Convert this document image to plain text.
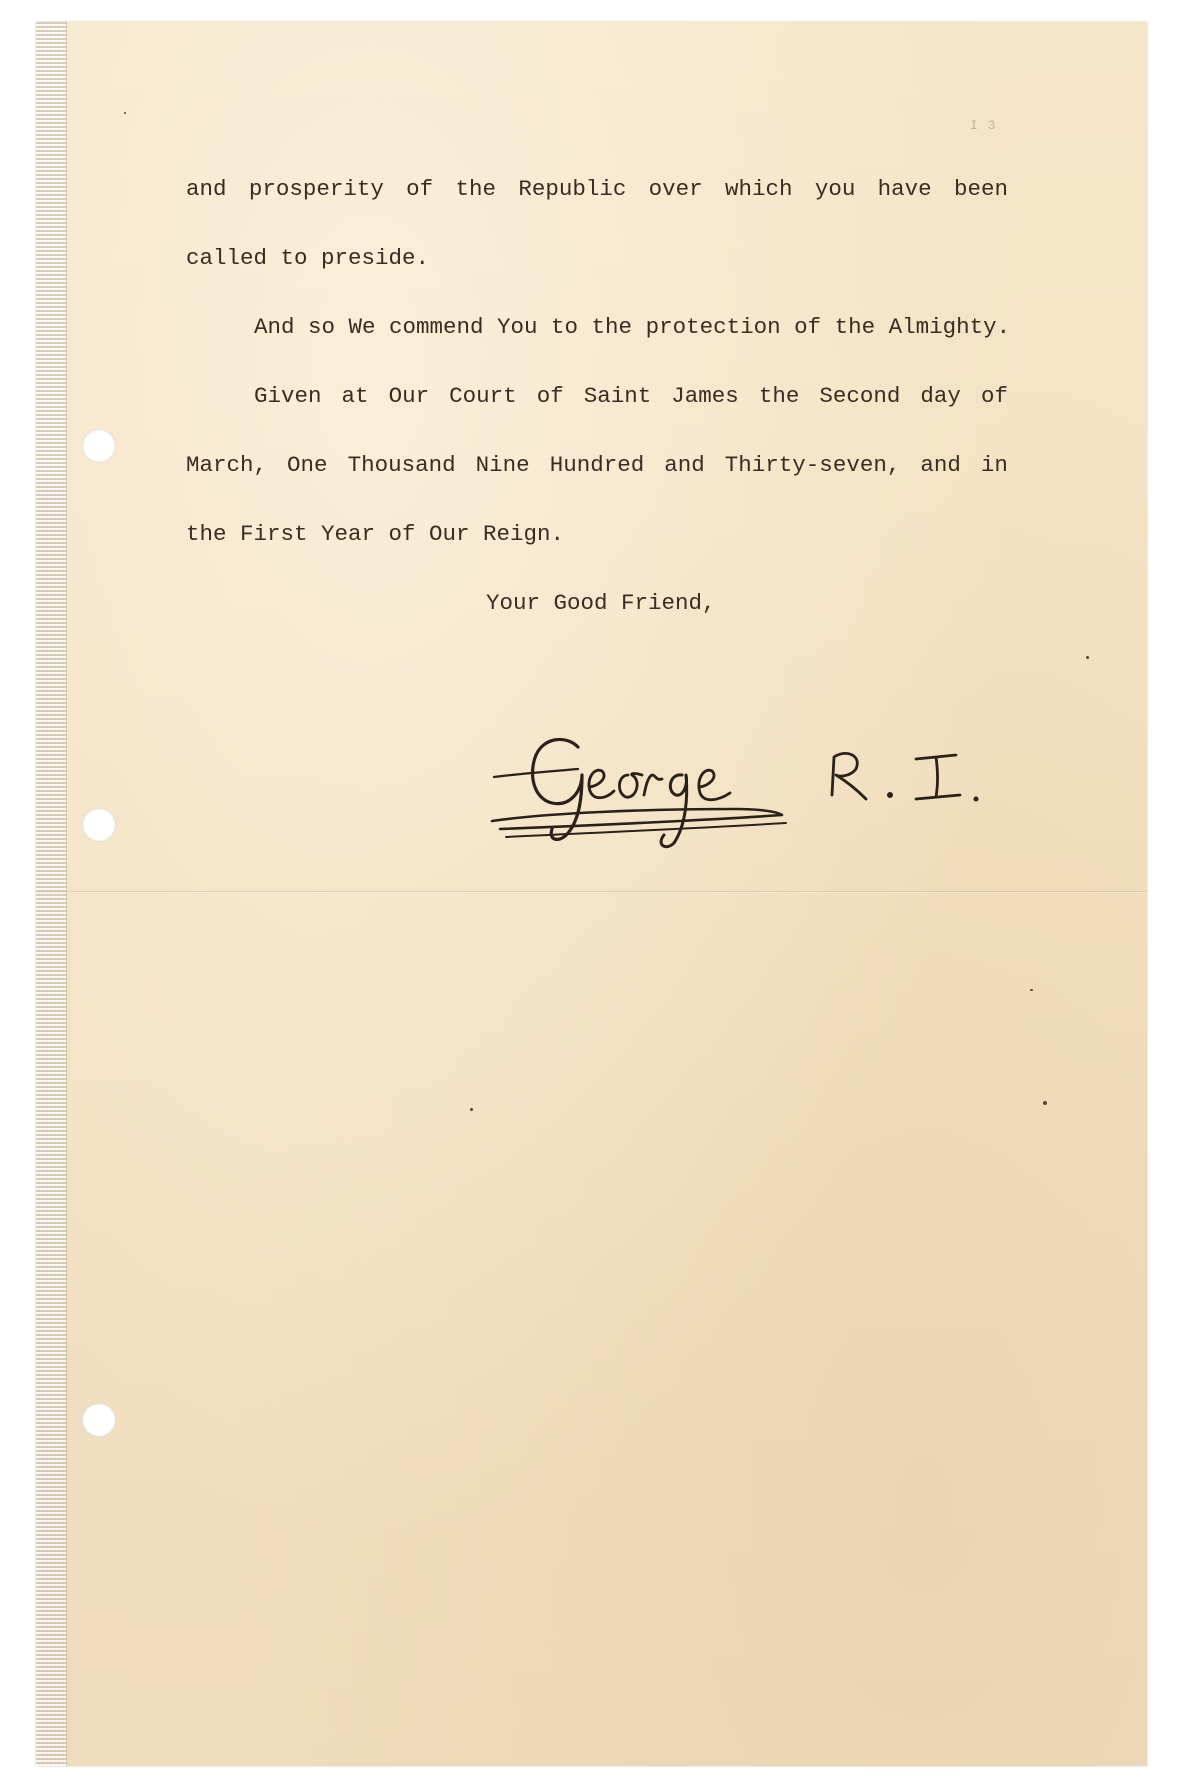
I 3
and prosperity of the Republic over which you have been
called to preside.
And so We commend You to the protection of the Almighty.
Given at Our Court of Saint James the Second day of
March, One Thousand Nine Hundred and Thirty-seven, and in
the First Year of Our Reign.
Your Good Friend,
